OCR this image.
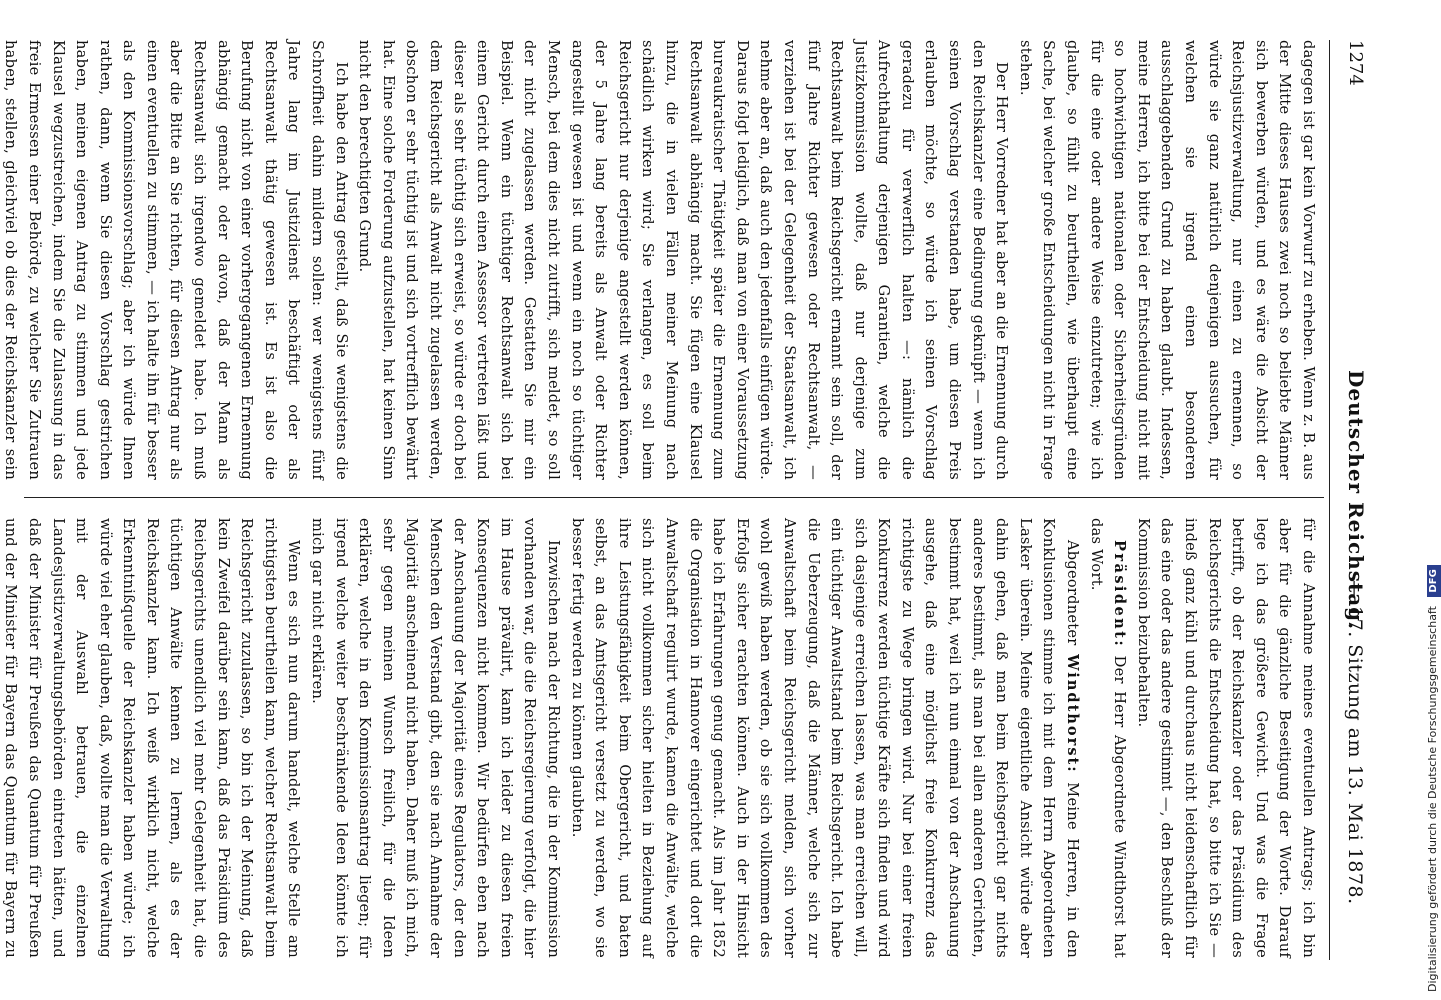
1274
Deutscher Reichstag.
— 17. Sitzung am 13. Mai 1878.

dagegen ist gar kein Vorwurf zu erheben. Wenn z. B. aus der Mitte dieses Hauses zwei noch so beliebte Männer sich bewerben würden, und es wäre die Absicht der Reichsjustizverwaltung, nur einen zu ernennen, so würde sie ganz natürlich denjenigen aussuchen, für welchen sie irgend einen besonderen ausschlaggebenden Grund zu haben glaubt. Indessen, meine Herren, ich bitte bei der Entscheidung nicht mit so hochwichtigen nationalen oder Sicherheitsgründen für die eine oder andere Weise einzutreten; wie ich glaube, so fühlt zu beurtheilen, wie überhaupt eine Sache, bei welcher große Entscheidungen nicht in Frage stehen.

Der Herr Vorredner hat aber an die Ernennung durch den Reichskanzler eine Bedingung geknüpft — wenn ich seinen Vorschlag verstanden habe, um diesen Preis erlauben möchte, so würde ich seinen Vorschlag geradezu für verwerflich halten —: nämlich die Aufrechthaltung derjenigen Garantien, welche die Justizkommission wollte, daß nur derjenige zum Rechtsanwalt beim Reichsgericht ernannt sein soll, der fünf Jahre Richter gewesen oder Rechtsanwalt, — verziehen ist bei der Gelegenheit der Staatsanwalt, ich nehme aber an, daß auch den jedenfalls einfügen würde. Daraus folgt lediglich, daß man von einer Voraussetzung bureaukratischer Thätigkeit später die Ernennung zum Rechtsanwalt abhängig macht. Sie fügen eine Klausel hinzu, die in vielen Fällen meiner Meinung nach schädlich wirken wird; Sie verlangen, es soll beim Reichsgericht nur derjenige angestellt werden können, der 5 Jahre lang bereits als Anwalt oder Richter angestellt gewesen ist und wenn ein noch so tüchtiger Mensch, bei dem dies nicht zutrifft, sich meldet, so soll der nicht zugelassen werden. Gestatten Sie mir ein Beispiel. Wenn ein tüchtiger Rechtsanwalt sich bei einem Gericht durch einen Assessor vertreten läßt und dieser als sehr tüchtig sich erweist, so würde er doch bei dem Reichsgericht als Anwalt nicht zugelassen werden, obschon er sehr tüchtig ist und sich vortrefflich bewährt hat. Eine solche Forderung aufzustellen, hat keinen Sinn nicht den berechtigten Grund.

Ich habe den Antrag gestellt, daß Sie wenigstens die Schroffheit dahin mildern sollen: wer wenigstens fünf Jahre lang im Justizdienst beschäftigt oder als Rechtsanwalt thätig gewesen ist. Es ist also die Berufung nicht von einer vorhergegangenen Ernennung abhängig gemacht oder davon, daß der Mann als Rechtsanwalt sich irgendwo gemeldet habe. Ich muß aber die Bitte an Sie richten, für diesen Antrag nur als einen eventuellen zu stimmen, — ich halte ihn für besser als den Kommissionsvorschlag; aber ich würde Ihnen rathen, dann, wenn Sie diesen Vorschlag gestrichen haben, meinen eigenen Antrag zu stimmen und jede Klausel wegzustreichen, indem Sie die Zulassung in das freie Ermessen einer Behörde, zu welcher Sie Zutrauen haben, stellen, gleichviel ob dies der Reichskanzler sein

für die Annahme meines eventuellen Antrags; ich bin aber für die gänzliche Beseitigung der Worte. Darauf lege ich das größere Gewicht. Und was die Frage betrifft, ob der Reichskanzler oder das Präsidium des Reichsgerichts die Entscheidung hat, so bitte ich Sie — indeß ganz kühl und durchaus nicht leidenschaftlich für das eine oder das andere gestimmt —, den Beschluß der Kommission beizubehalten.

Präsident: Der Herr Abgeordnete Windthorst hat das Wort.

Abgeordneter Windthorst: Meine Herren, in den Konklusionen stimme ich mit dem Herrn Abgeordneten Lasker überein. Meine eigentliche Ansicht würde aber dahin gehen, daß man beim Reichsgericht gar nichts anderes bestimmt, als man bei allen anderen Gerichten, bestimmt hat, weil ich nun einmal von der Anschauung ausgehe, daß eine möglichst freie Konkurrenz das richtigste zu Wege bringen wird. Nur bei einer freien Konkurrenz werden tüchtige Kräfte sich finden und wird sich dasjenige erreichen lassen, was man erreichen will, ein tüchtiger Anwaltstand beim Reichsgericht. Ich habe die Ueberzeugung, daß die Männer, welche sich zur Anwaltschaft beim Reichsgericht melden, sich vorher wohl gewiß haben werden, ob sie sich vollkommen des Erfolgs sicher erachten können. Auch in der Hinsicht habe ich Erfahrungen genug gemacht. Als im Jahr 1852 die Organisation in Hannover eingerichtet und dort die Anwaltschaft regulirt wurde, kamen die Anwälte, welche sich nicht vollkommen sicher hielten in Beziehung auf ihre Leistungsfähigkeit beim Obergericht, und baten selbst, an das Amtsgericht versetzt zu werden, wo sie besser fertig werden zu können glaubten.

Inzwischen nach der Richtung, die in der Kommission vorhanden war, die die Reichsregierung verfolgt, die hier im Hause prävalirt, kann ich leider zu diesen freien Konsequenzen nicht kommen. Wir bedürfen eben nach der Anschauung der Majorität eines Regulators, der den Menschen den Verstand gibt, den sie nach Annahme der Majorität anscheinend nicht haben. Daher muß ich mich, sehr gegen meinen Wunsch freilich, für die Ideen erklären, welche in den Kommissionsantrag liegen; für irgend welche weiter beschränkende Ideen könnte ich mich gar nicht erklären.

Wenn es sich nun darum handelt, welche Stelle am richtigsten beurtheilen kann, welcher Rechtsanwalt beim Reichsgericht zuzulassen, so bin ich der Meinung, daß kein Zweifel darüber sein kann, daß das Präsidium des Reichsgerichts unendlich viel mehr Gelegenheit hat, die tüchtigen Anwälte kennen zu lernen, als es der Reichskanzler kann. Ich weiß wirklich nicht, welche Erkenntnißquelle der Reichskanzler haben würde; ich würde viel eher glauben, daß, wollte man die Verwaltung mit der Auswahl betrauen, die einzelnen Landesjustizverwaltungsbehörden eintreten hätten, und daß der Minister für Preußen das Quantum für Preußen und der Minister für Bayern das Quantum für Bayern zu	Digitalisierung gefördert durch die Deutsche Forschungsgemeinschaft DFG
